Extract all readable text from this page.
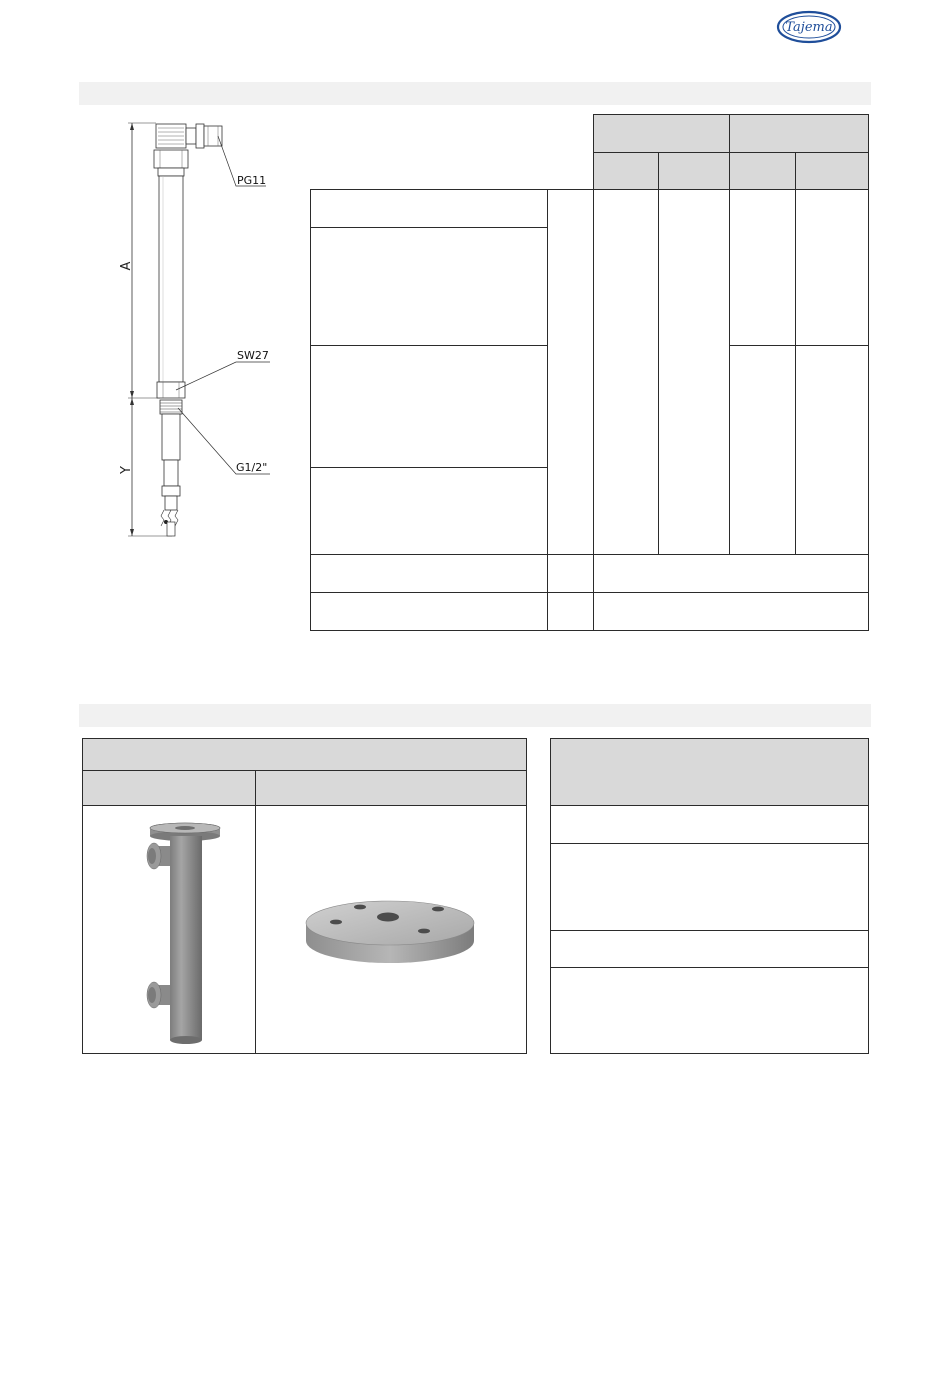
Tajema
A
Y
PG11
SW27
G1/2"
